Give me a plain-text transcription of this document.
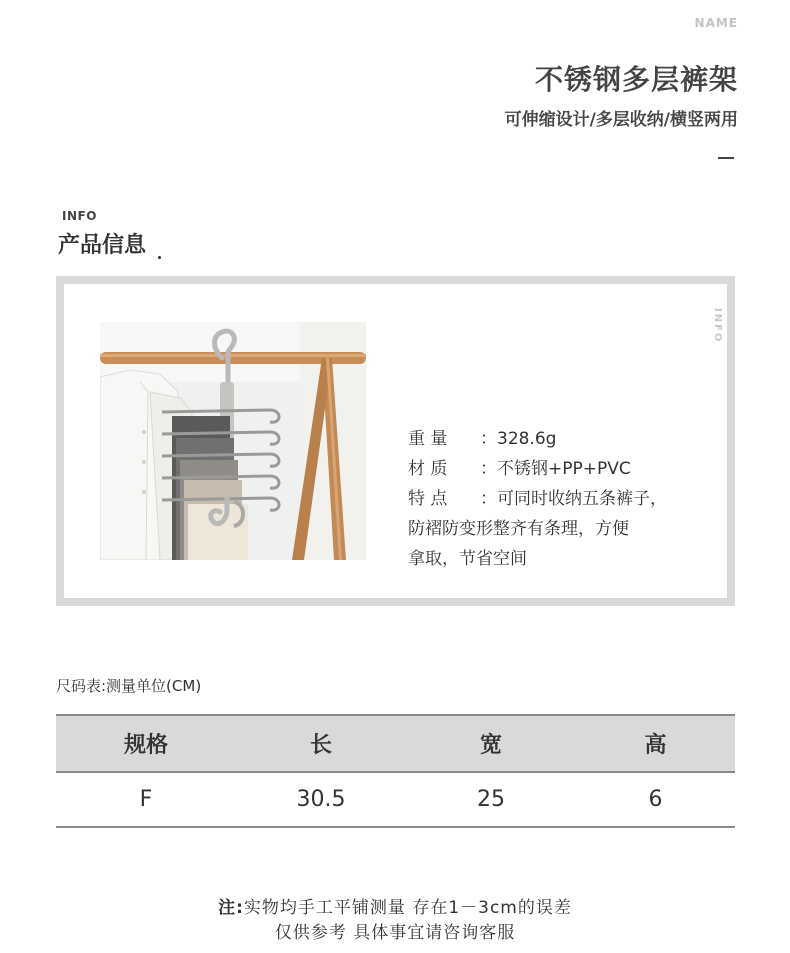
NAME
不锈钢多层裤架
可伸缩设计/多层收纳/横竖两用
INFO
产品信息
INFO
重 量 ：328.6g
材 质 ：不锈钢+PP+PVC
特 点 ：可同时收纳五条裤子，
防褶防变形整齐有条理，方便
拿取，节省空间
尺码表:测量单位(CM)
规格	长	宽	高
F	30.5	25	6
注:实物均手工平铺测量 存在1－3cm的误差
仅供参考 具体事宜请咨询客服
